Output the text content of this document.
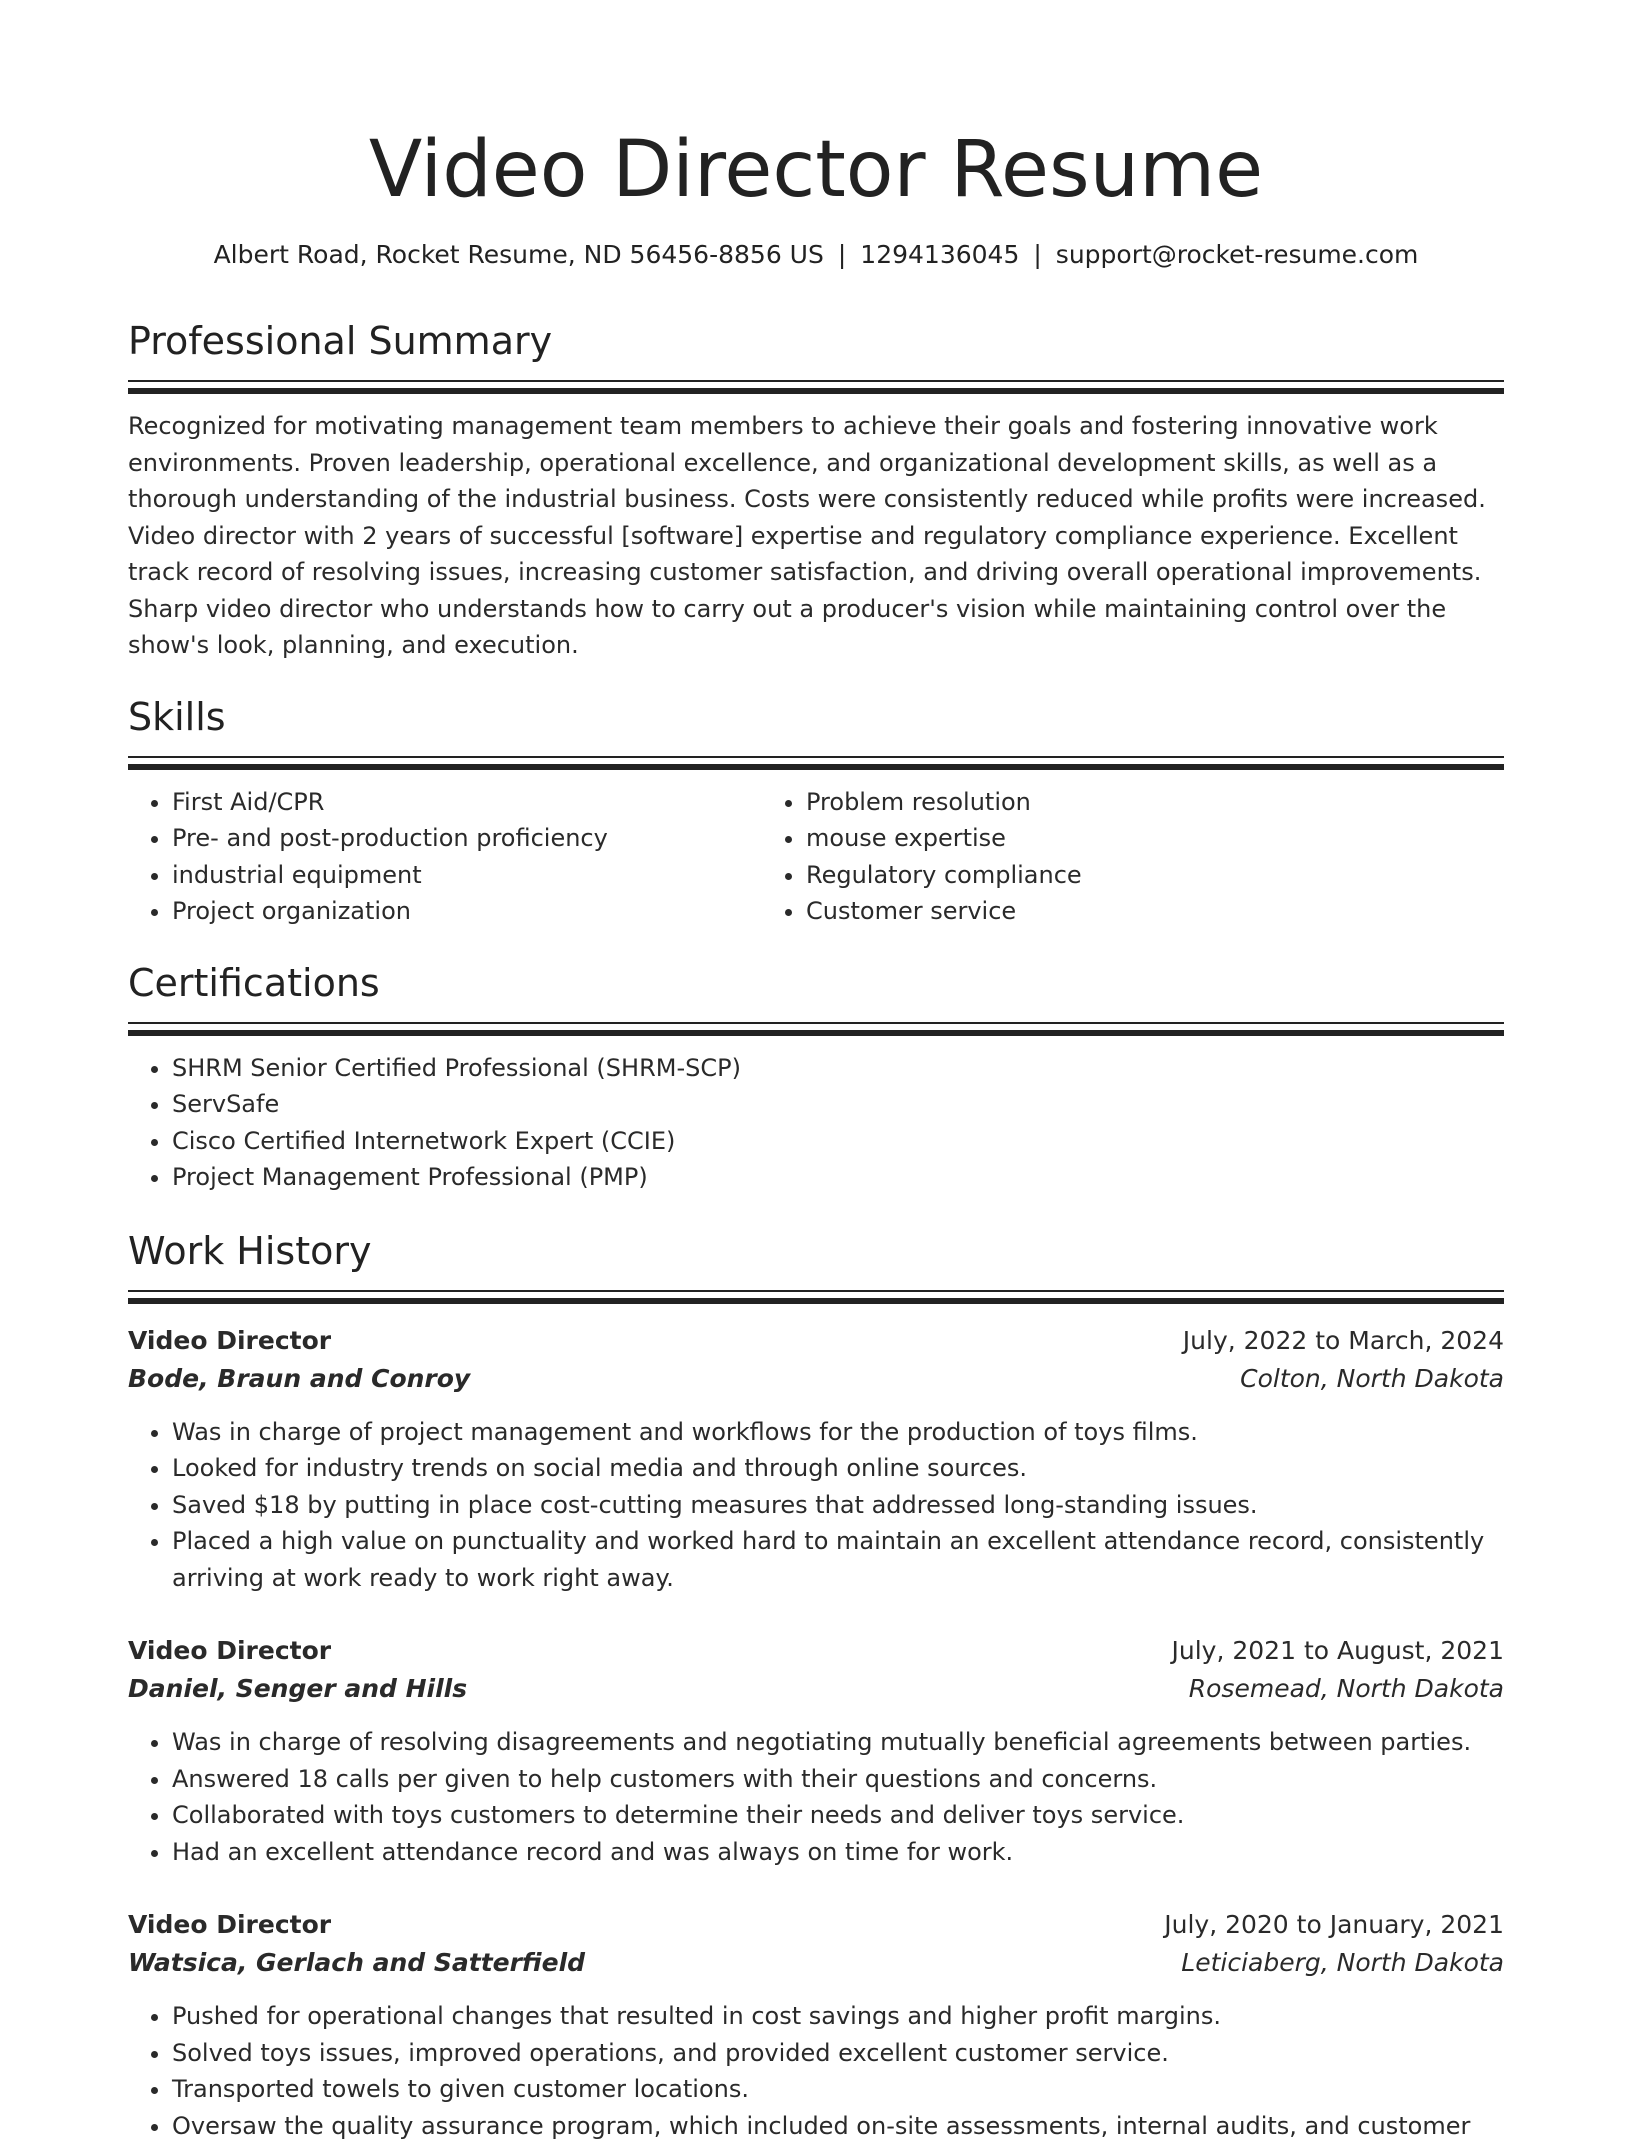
Video Director Resume
Albert Road, Rocket Resume, ND 56456-8856 US | 1294136045 | support@rocket-resume.com
Professional Summary

Recognized for motivating management team members to achieve their goals and fostering innovative work environments. Proven leadership, operational excellence, and organizational development skills, as well as a thorough understanding of the industrial business. Costs were consistently reduced while profits were increased. Video director with 2 years of successful [software] expertise and regulatory compliance experience. Excellent track record of resolving issues, increasing customer satisfaction, and driving overall operational improvements. Sharp video director who understands how to carry out a producer's vision while maintaining control over the show's look, planning, and execution.

Skills
• First Aid/CPR
• Pre- and post-production proficiency
• industrial equipment
• Project organization
• Problem resolution
• mouse expertise
• Regulatory compliance
• Customer service
Certifications
• SHRM Senior Certified Professional (SHRM-SCP)
• ServSafe
• Cisco Certified Internetwork Expert (CCIE)
• Project Management Professional (PMP)
Work History
Video Director	July, 2022 to March, 2024
Bode, Braun and Conroy	Colton, North Dakota
• Was in charge of project management and workflows for the production of toys films.
• Looked for industry trends on social media and through online sources.
• Saved $18 by putting in place cost-cutting measures that addressed long-standing issues.
• Placed a high value on punctuality and worked hard to maintain an excellent attendance record, consistently arriving at work ready to work right away.
Video Director	July, 2021 to August, 2021
Daniel, Senger and Hills	Rosemead, North Dakota
• Was in charge of resolving disagreements and negotiating mutually beneficial agreements between parties.
• Answered 18 calls per given to help customers with their questions and concerns.
• Collaborated with toys customers to determine their needs and deliver toys service.
• Had an excellent attendance record and was always on time for work.
Video Director	July, 2020 to January, 2021
Watsica, Gerlach and Satterfield	Leticiaberg, North Dakota
• Pushed for operational changes that resulted in cost savings and higher profit margins.
• Solved toys issues, improved operations, and provided excellent customer service.
• Transported towels to given customer locations.
• Oversaw the quality assurance program, which included on-site assessments, internal audits, and customer
